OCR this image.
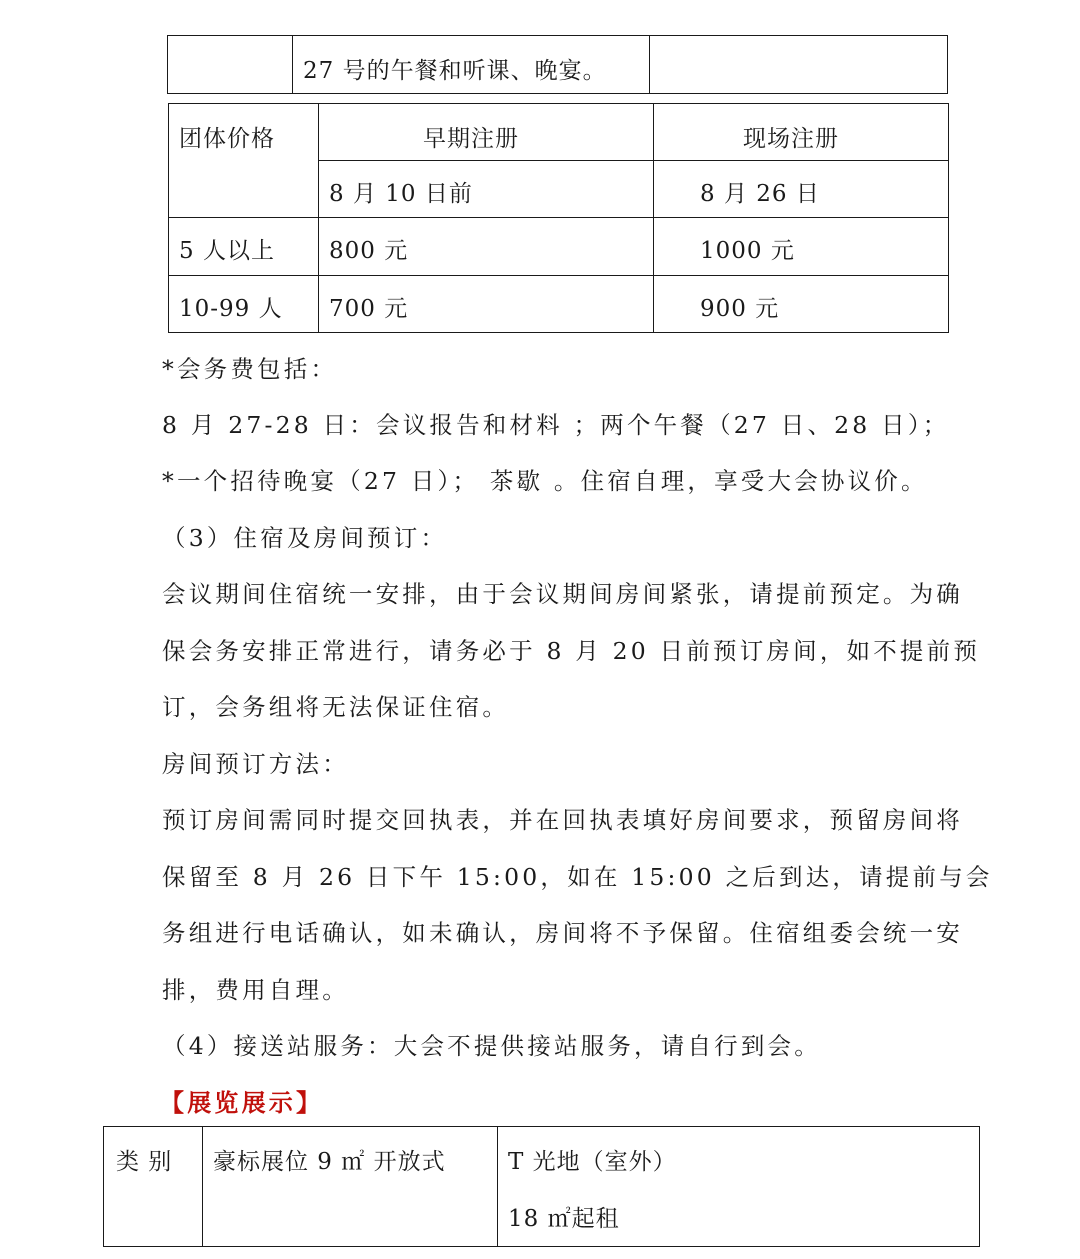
27 号的午餐和听课、晚宴。

团体价格	早期注册	现场注册

	8 月 10 日前	8 月 26 日

5 人以上	800 元	1000 元

10-99 人	700 元	900 元
*会务费包括：
8 月 27-28 日：会议报告和材料 ；两个午餐（27 日、28 日）；
*一个招待晚宴（27 日）； 茶歇 。住宿自理，享受大会协议价。
（3）住宿及房间预订：
会议期间住宿统一安排，由于会议期间房间紧张，请提前预定。为确
保会务安排正常进行，请务必于 8 月 20 日前预订房间，如不提前预
订，会务组将无法保证住宿。
房间预订方法：
预订房间需同时提交回执表，并在回执表填好房间要求，预留房间将
保留至 8 月 26 日下午 15:00，如在 15:00 之后到达，请提前与会
务组进行电话确认，如未确认，房间将不予保留。住宿组委会统一安
排，费用自理。
（4）接送站服务：大会不提供接站服务，请自行到会。
【展览展示】
类 别	豪标展位 9 ㎡ 开放式	T 光地（室外）
18 ㎡起租
